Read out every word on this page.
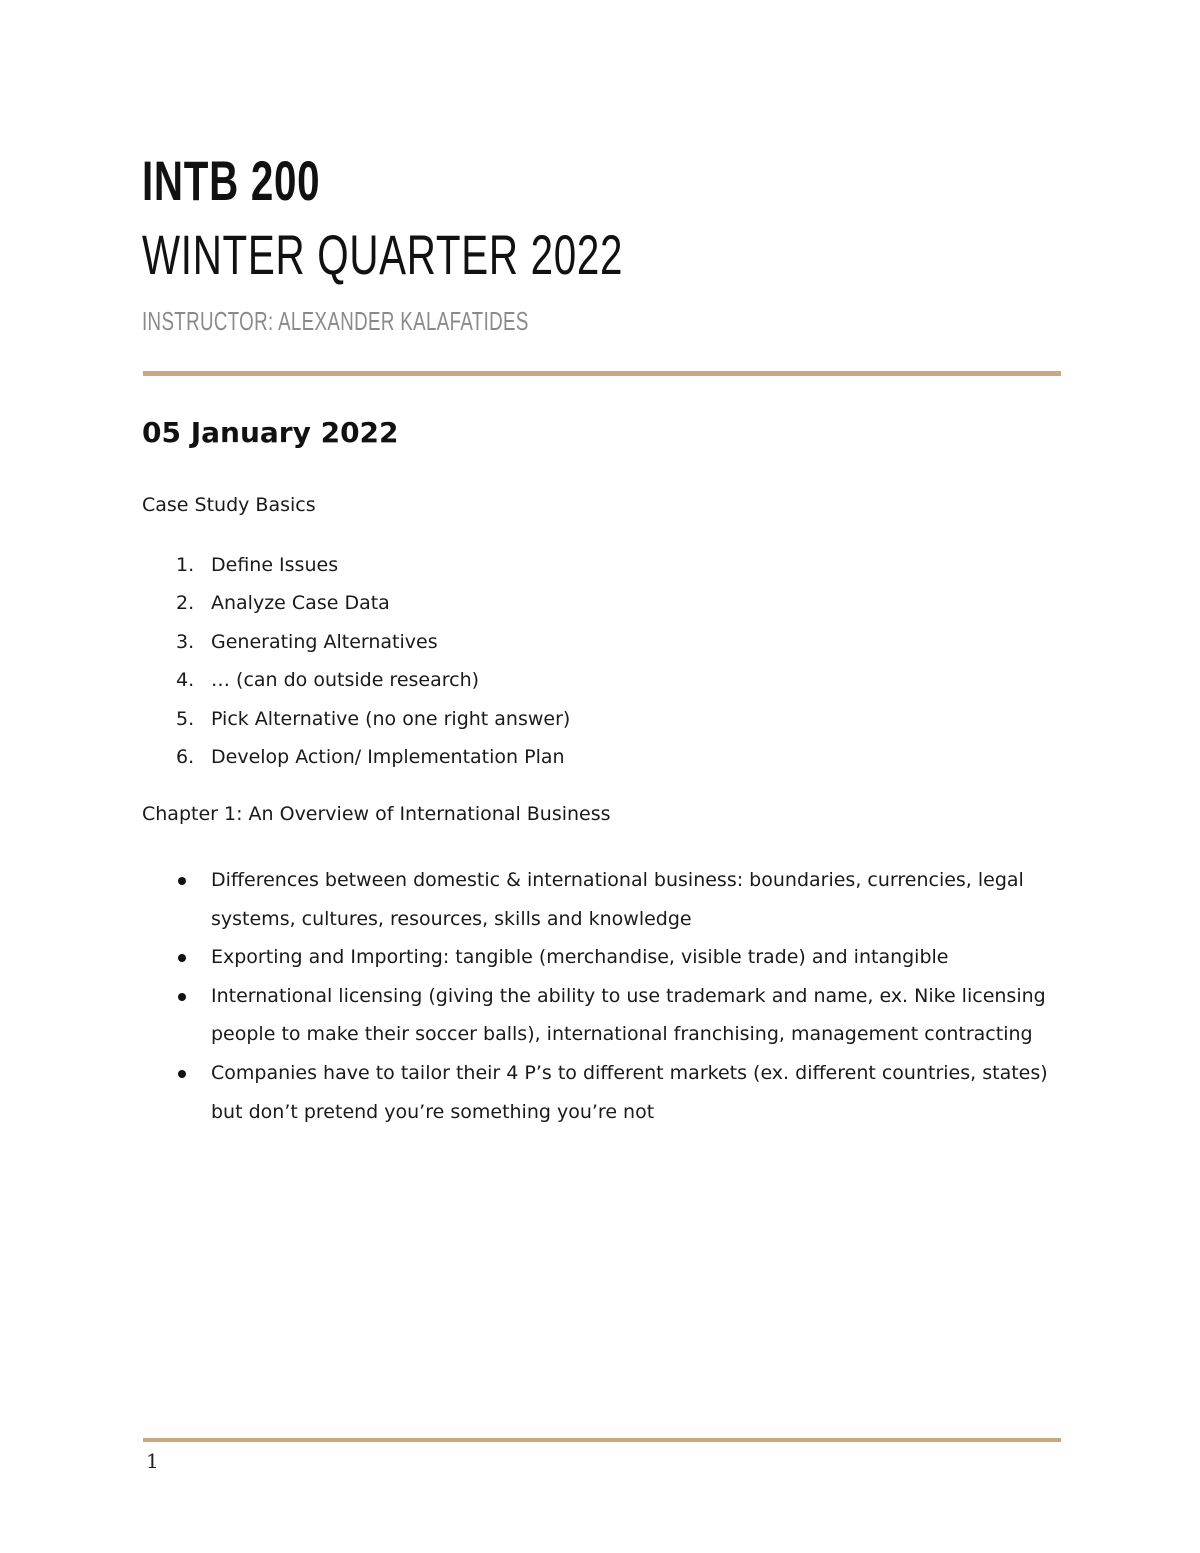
INTB 200
WINTER QUARTER 2022
INSTRUCTOR: ALEXANDER KALAFATIDES
05 January 2022
Case Study Basics
1. Define Issues
2. Analyze Case Data
3. Generating Alternatives
4. … (can do outside research)
5. Pick Alternative (no one right answer)
6. Develop Action/ Implementation Plan
Chapter 1: An Overview of International Business
Differences between domestic & international business: boundaries, currencies, legal systems, cultures, resources, skills and knowledge
Exporting and Importing: tangible (merchandise, visible trade) and intangible
International licensing (giving the ability to use trademark and name, ex. Nike licensing people to make their soccer balls), international franchising, management contracting
Companies have to tailor their 4 P’s to different markets (ex. different countries, states) but don’t pretend you’re something you’re not
1
